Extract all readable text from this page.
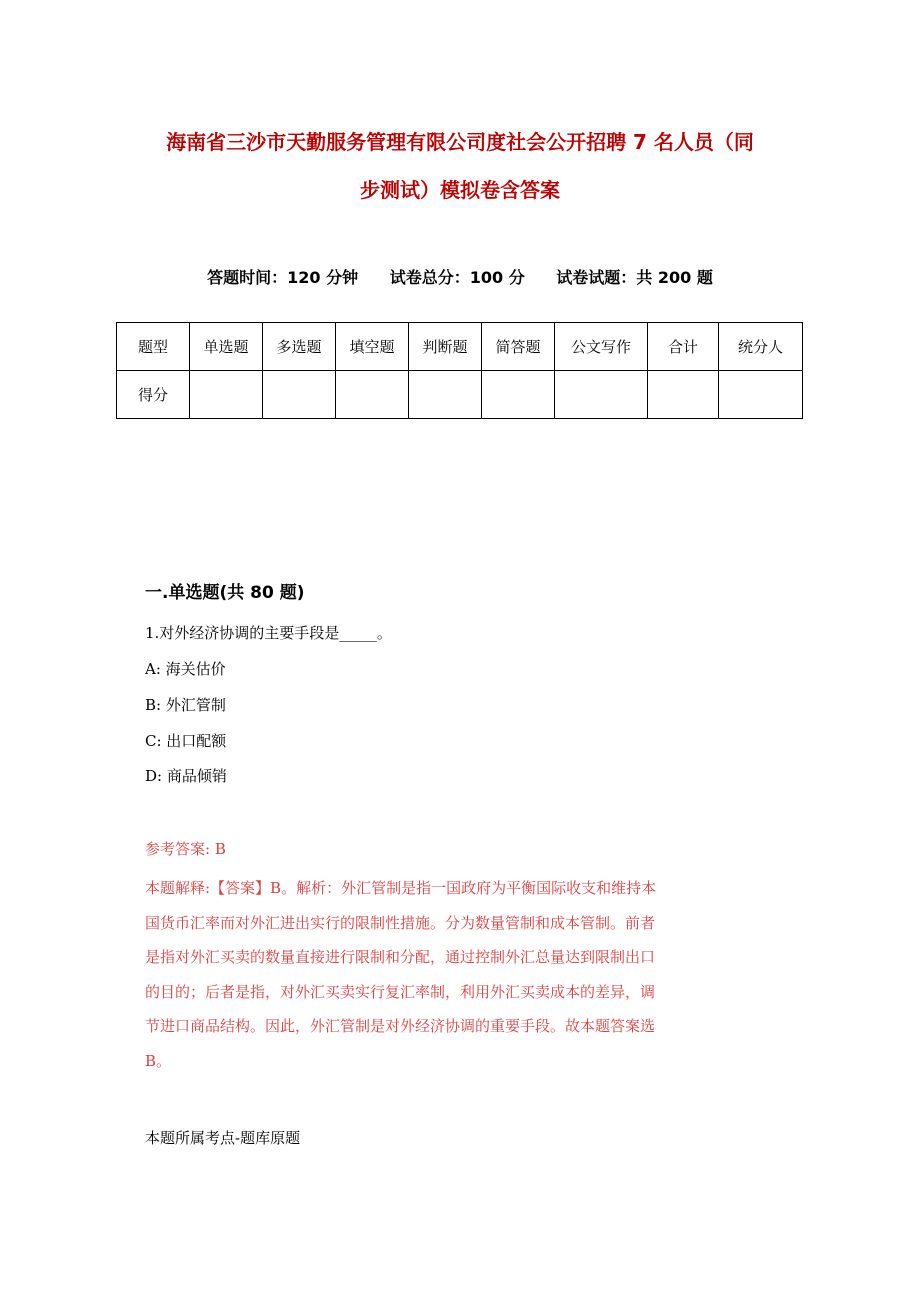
海南省三沙市天勤服务管理有限公司度社会公开招聘 7 名人员（同
步测试）模拟卷含答案
答题时间：120 分钟 试卷总分：100 分 试卷试题：共 200 题
题型	单选题	多选题	填空题	判断题	简答题	公文写作	合计	统分人
得分								
一.单选题(共 80 题)
1.对外经济协调的主要手段是_____。
A: 海关估价
B: 外汇管制
C: 出口配额
D: 商品倾销
参考答案: B
本题解释:【答案】B。解析：外汇管制是指一国政府为平衡国际收支和维持本
国货币汇率而对外汇进出实行的限制性措施。分为数量管制和成本管制。前者
是指对外汇买卖的数量直接进行限制和分配，通过控制外汇总量达到限制出口
的目的；后者是指，对外汇买卖实行复汇率制，利用外汇买卖成本的差异，调
节进口商品结构。因此，外汇管制是对外经济协调的重要手段。故本题答案选
B。
本题所属考点-题库原题
